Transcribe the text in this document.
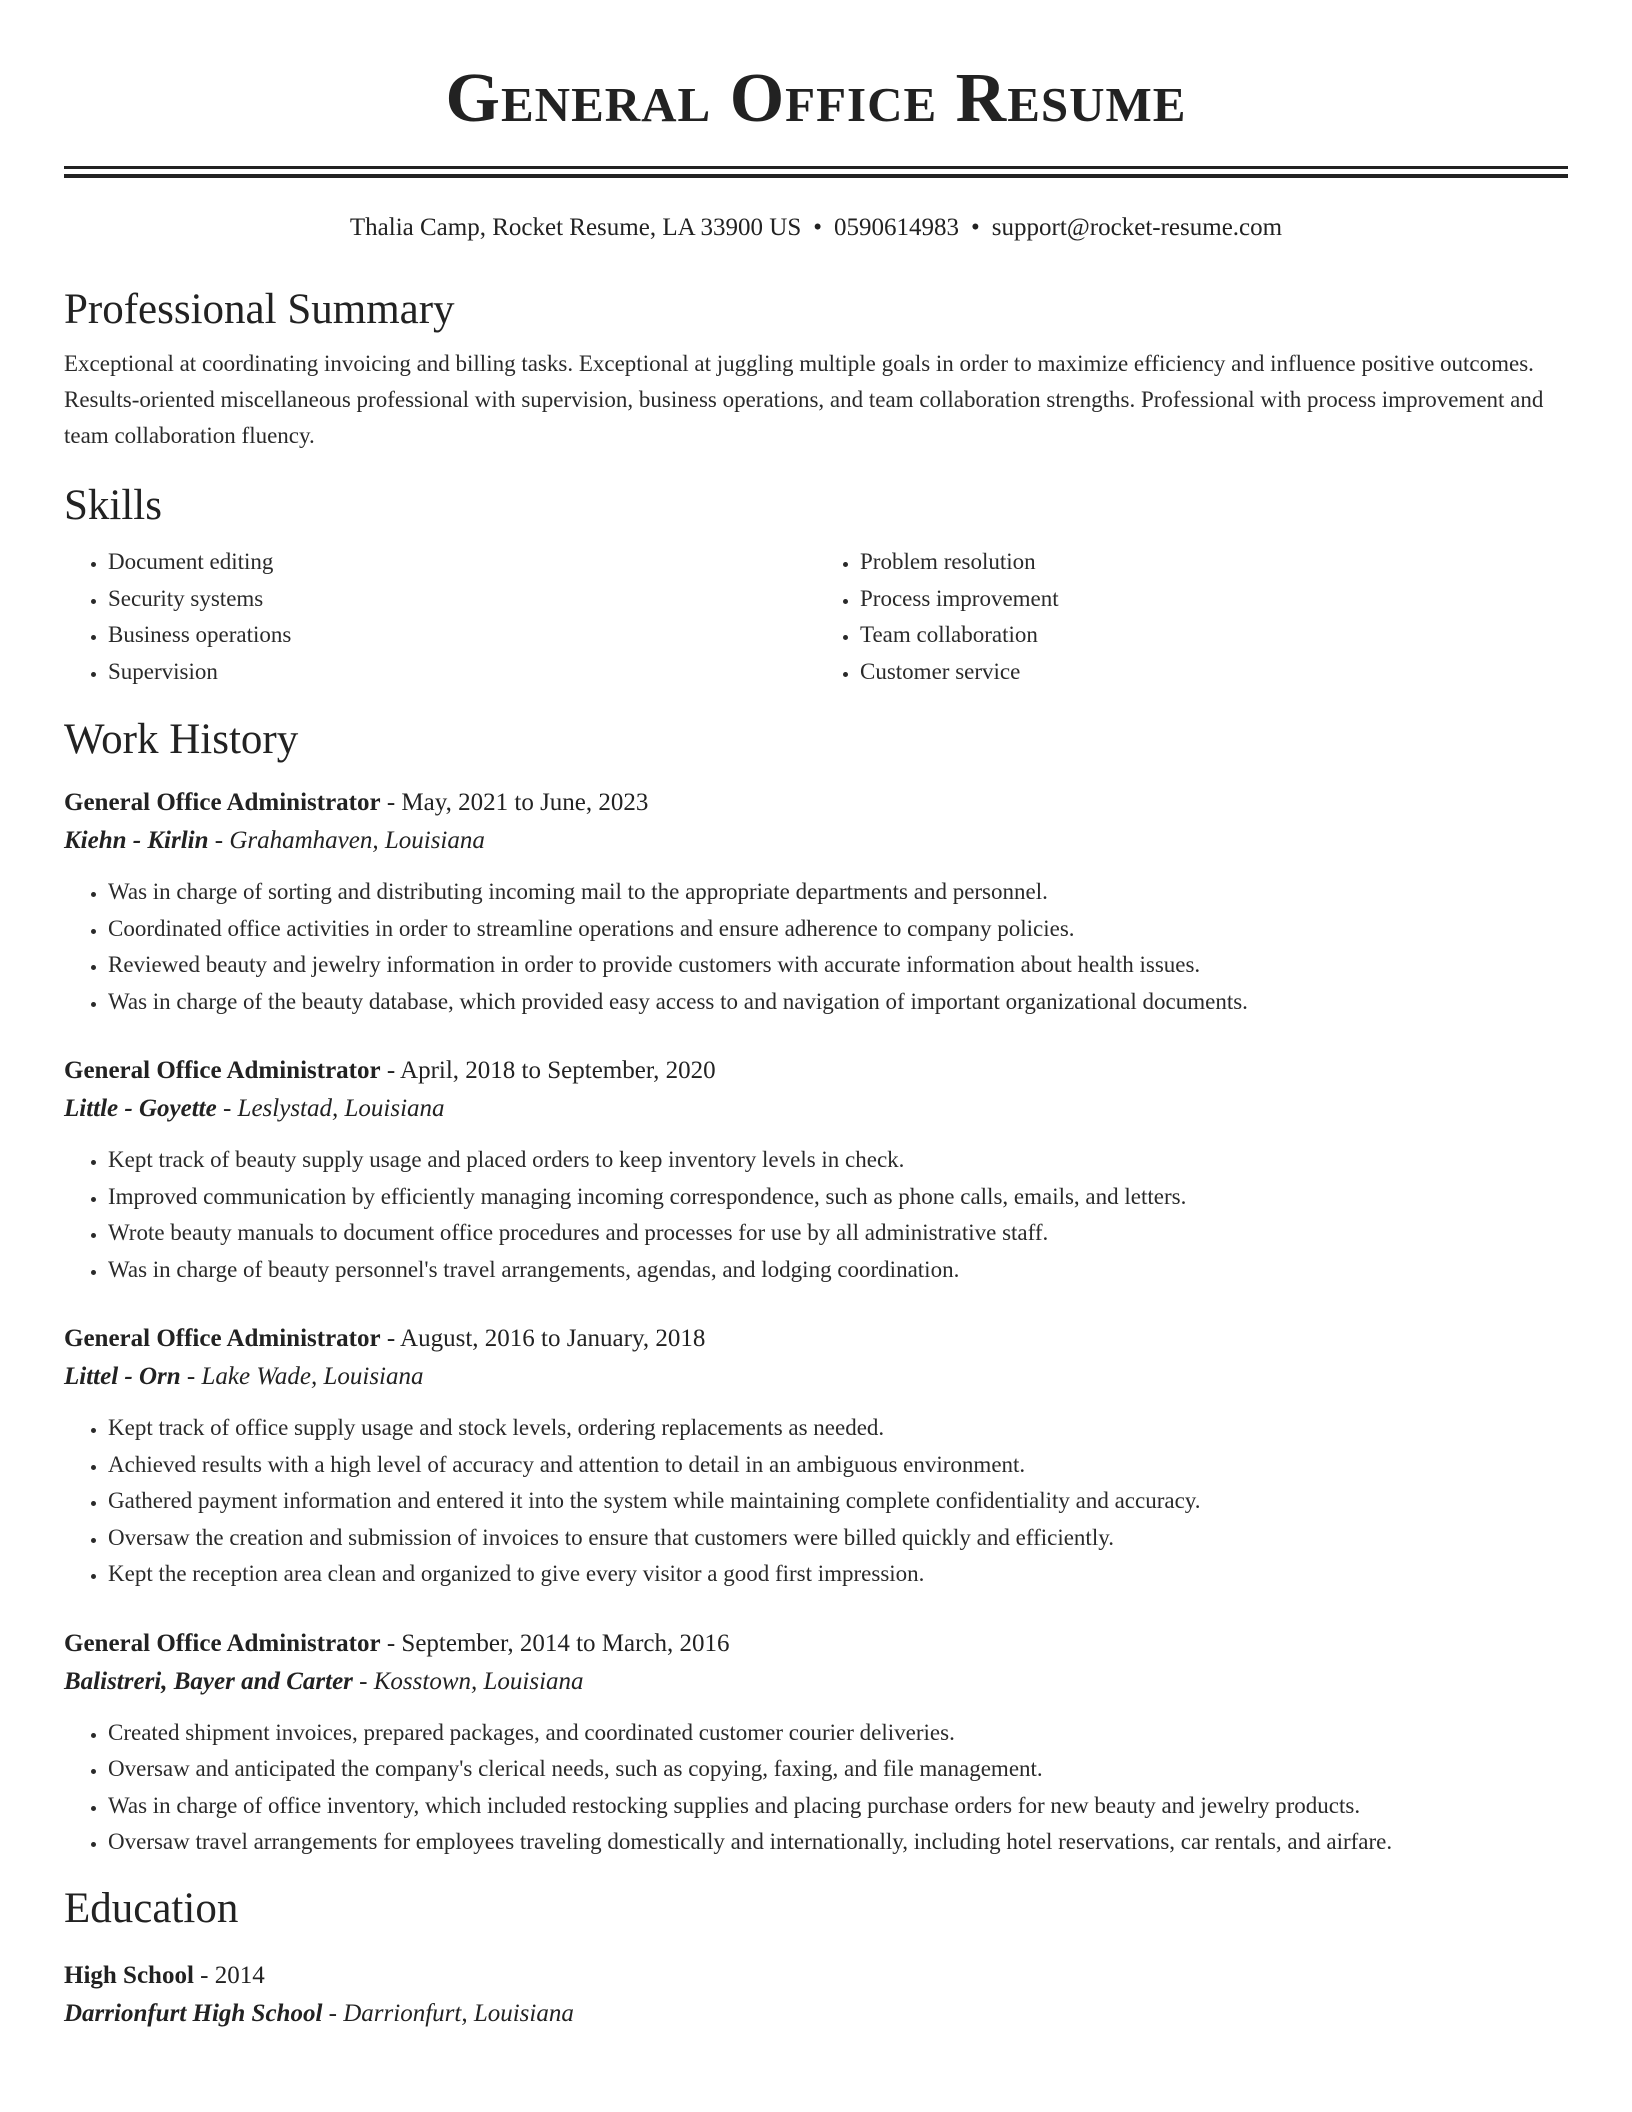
General Office Resume
Thalia Camp, Rocket Resume, LA 33900 US • 0590614983 • support@rocket-resume.com
Professional Summary
Exceptional at coordinating invoicing and billing tasks. Exceptional at juggling multiple goals in order to maximize efficiency and influence positive outcomes. Results-oriented miscellaneous professional with supervision, business operations, and team collaboration strengths. Professional with process improvement and team collaboration fluency.
Skills
• Document editing
• Security systems
• Business operations
• Supervision
• Problem resolution
• Process improvement
• Team collaboration
• Customer service
Work History
General Office Administrator - May, 2021 to June, 2023
Kiehn - Kirlin - Grahamhaven, Louisiana
• Was in charge of sorting and distributing incoming mail to the appropriate departments and personnel.
• Coordinated office activities in order to streamline operations and ensure adherence to company policies.
• Reviewed beauty and jewelry information in order to provide customers with accurate information about health issues.
• Was in charge of the beauty database, which provided easy access to and navigation of important organizational documents.
General Office Administrator - April, 2018 to September, 2020
Little - Goyette - Leslystad, Louisiana
• Kept track of beauty supply usage and placed orders to keep inventory levels in check.
• Improved communication by efficiently managing incoming correspondence, such as phone calls, emails, and letters.
• Wrote beauty manuals to document office procedures and processes for use by all administrative staff.
• Was in charge of beauty personnel's travel arrangements, agendas, and lodging coordination.
General Office Administrator - August, 2016 to January, 2018
Littel - Orn - Lake Wade, Louisiana
• Kept track of office supply usage and stock levels, ordering replacements as needed.
• Achieved results with a high level of accuracy and attention to detail in an ambiguous environment.
• Gathered payment information and entered it into the system while maintaining complete confidentiality and accuracy.
• Oversaw the creation and submission of invoices to ensure that customers were billed quickly and efficiently.
• Kept the reception area clean and organized to give every visitor a good first impression.
General Office Administrator - September, 2014 to March, 2016
Balistreri, Bayer and Carter - Kosstown, Louisiana
• Created shipment invoices, prepared packages, and coordinated customer courier deliveries.
• Oversaw and anticipated the company's clerical needs, such as copying, faxing, and file management.
• Was in charge of office inventory, which included restocking supplies and placing purchase orders for new beauty and jewelry products.
• Oversaw travel arrangements for employees traveling domestically and internationally, including hotel reservations, car rentals, and airfare.
Education
High School - 2014
Darrionfurt High School - Darrionfurt, Louisiana
